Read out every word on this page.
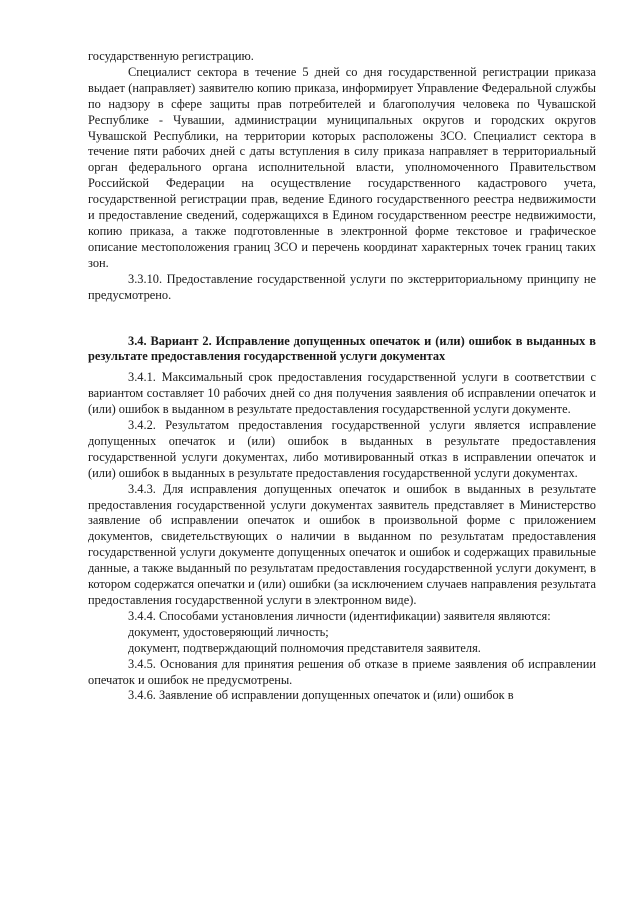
государственную регистрацию.

Специалист сектора в течение 5 дней со дня государственной регистрации приказа выдает (направляет) заявителю копию приказа, информирует Управление Федеральной службы по надзору в сфере защиты прав потребителей и благополучия человека по Чувашской Республике - Чувашии, администрации муниципальных округов и городских округов Чувашской Республики, на территории которых расположены ЗСО. Специалист сектора в течение пяти рабочих дней с даты вступления в силу приказа направляет в территориальный орган федерального органа исполнительной власти, уполномоченного Правительством Российской Федерации на осуществление государственного кадастрового учета, государственной регистрации прав, ведение Единого государственного реестра недвижимости и предоставление сведений, содержащихся в Едином государственном реестре недвижимости, копию приказа, а также подготовленные в электронной форме текстовое и графическое описание местоположения границ ЗСО и перечень координат характерных точек границ таких зон.

3.3.10. Предоставление государственной услуги по экстерриториальному принципу не предусмотрено.

3.4. Вариант 2. Исправление допущенных опечаток и (или) ошибок в выданных в результате предоставления государственной услуги документах

3.4.1. Максимальный срок предоставления государственной услуги в соответствии с вариантом составляет 10 рабочих дней со дня получения заявления об исправлении опечаток и (или) ошибок в выданном в результате предоставления государственной услуги документе.

3.4.2. Результатом предоставления государственной услуги является исправление допущенных опечаток и (или) ошибок в выданных в результате предоставления государственной услуги документах, либо мотивированный отказ в исправлении опечаток и (или) ошибок в выданных в результате предоставления государственной услуги документах.

3.4.3. Для исправления допущенных опечаток и ошибок в выданных в результате предоставления государственной услуги документах заявитель представляет в Министерство заявление об исправлении опечаток и ошибок в произвольной форме с приложением документов, свидетельствующих о наличии в выданном по результатам предоставления государственной услуги документе допущенных опечаток и ошибок и содержащих правильные данные, а также выданный по результатам предоставления государственной услуги документ, в котором содержатся опечатки и (или) ошибки (за исключением случаев направления результата предоставления государственной услуги в электронном виде).

3.4.4. Способами установления личности (идентификации) заявителя являются:

документ, удостоверяющий личность;

документ, подтверждающий полномочия представителя заявителя.

3.4.5. Основания для принятия решения об отказе в приеме заявления об исправлении опечаток и ошибок не предусмотрены.

3.4.6. Заявление об исправлении допущенных опечаток и (или) ошибок в
